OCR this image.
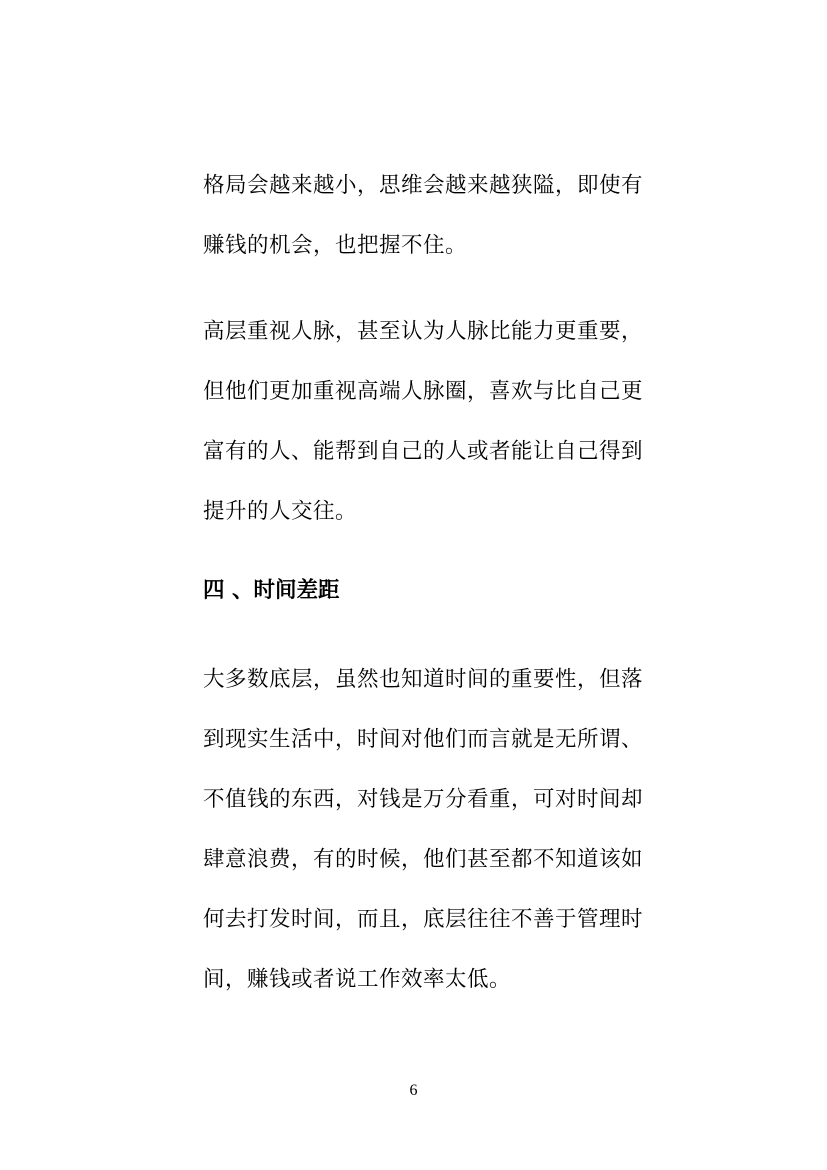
格局会越来越小，思维会越来越狭隘，即使有
赚钱的机会，也把握不住。

高层重视人脉，甚至认为人脉比能力更重要，
但他们更加重视高端人脉圈，喜欢与比自己更
富有的人、能帮到自己的人或者能让自己得到
提升的人交往。

四 、时间差距

大多数底层，虽然也知道时间的重要性，但落
到现实生活中，时间对他们而言就是无所谓、
不值钱的东西，对钱是万分看重，可对时间却
肆意浪费，有的时候，他们甚至都不知道该如
何去打发时间，而且，底层往往不善于管理时
间，赚钱或者说工作效率太低。

6
